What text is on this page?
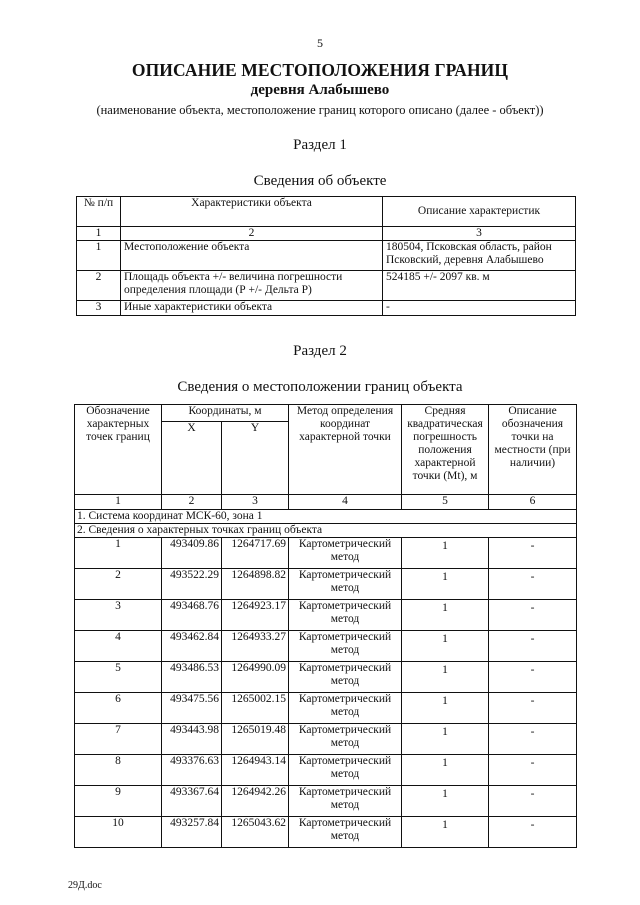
5
ОПИСАНИЕ МЕСТОПОЛОЖЕНИЯ ГРАНИЦ
деревня Алабышево
(наименование объекта, местоположение границ которого описано (далее - объект))
Раздел 1
Сведения об объекте
№ п/п	Характеристики объекта	Описание характеристик
1	2	3
1	Местоположение объекта	180504, Псковская область, район Псковский, деревня Алабышево
2	Площадь объекта +/- величина погрешности определения площади (Р +/- Дельта Р)	524185 +/- 2097 кв. м
3	Иные характеристики объекта	-
Раздел 2
Сведения о местоположении границ объекта
Обозначение характерных точек границ	Координаты, м		Метод определения координат характерной точки	Средняя квадратическая погрешность положения характерной точки (Mt), м	Описание обозначения точки на местности (при наличии)
	X	Y			
1	2	3	4	5	6
1. Система координат МСК-60, зона 1					
2. Сведения о характерных точках границ объекта					
1	493409.86	1264717.69	Картометрический метод	1	-
2	493522.29	1264898.82	Картометрический метод	1	-
3	493468.76	1264923.17	Картометрический метод	1	-
4	493462.84	1264933.27	Картометрический метод	1	-
5	493486.53	1264990.09	Картометрический метод	1	-
6	493475.56	1265002.15	Картометрический метод	1	-
7	493443.98	1265019.48	Картометрический метод	1	-
8	493376.63	1264943.14	Картометрический метод	1	-
9	493367.64	1264942.26	Картометрический метод	1	-
10	493257.84	1265043.62	Картометрический метод	1	-
29Д.doc
